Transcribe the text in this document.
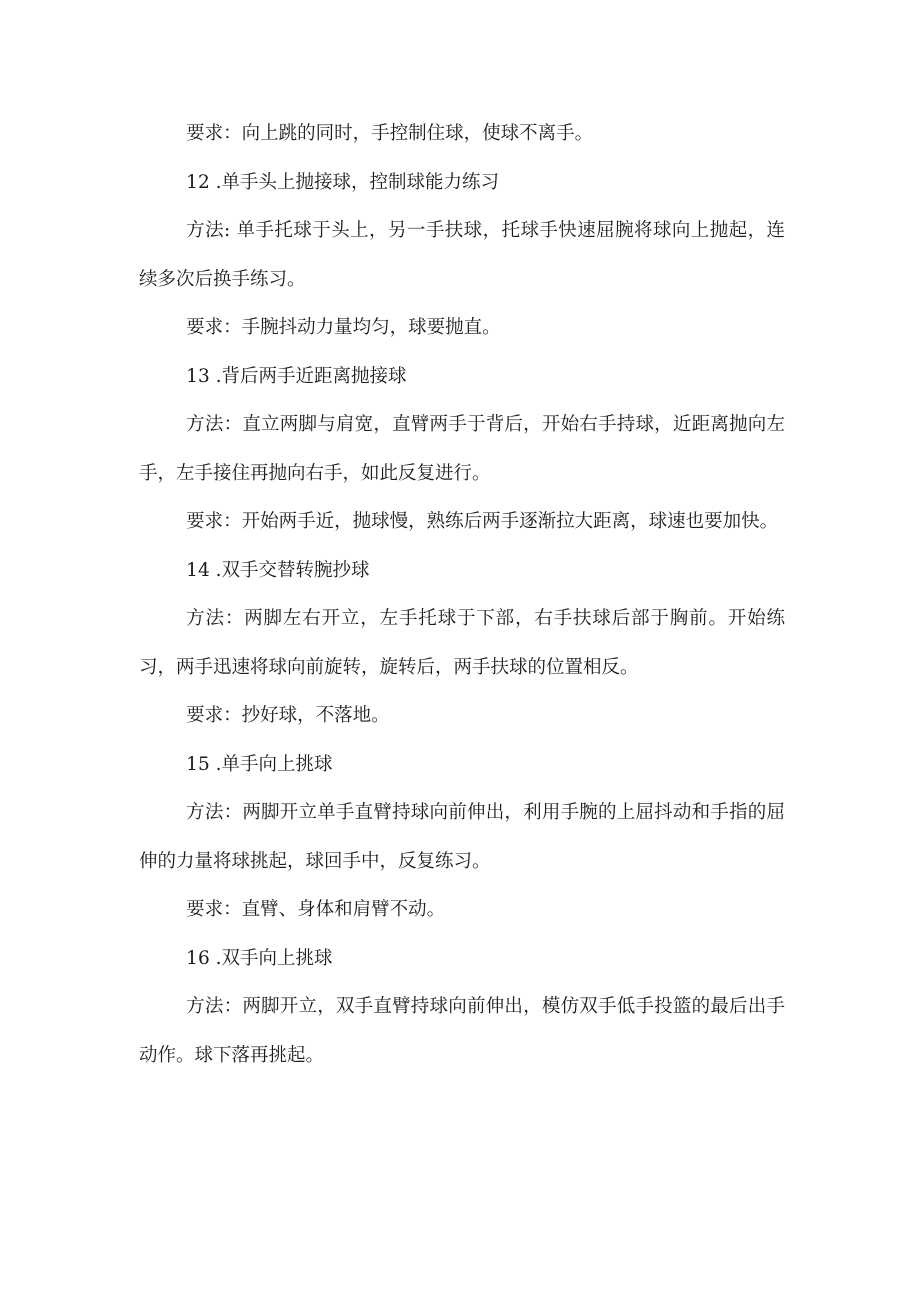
要求：向上跳的同时，手控制住球，使球不离手。

12 .单手头上抛接球，控制球能力练习

方法: 单手托球于头上，另一手扶球，托球手快速屈腕将球向上抛起，连续多次后换手练习。

要求：手腕抖动力量均匀，球要抛直。

13 .背后两手近距离抛接球

方法：直立两脚与肩宽，直臂两手于背后，开始右手持球，近距离抛向左手，左手接住再抛向右手，如此反复进行。

要求：开始两手近，抛球慢，熟练后两手逐渐拉大距离，球速也要加快。

14 .双手交替转腕抄球

方法：两脚左右开立，左手托球于下部，右手扶球后部于胸前。开始练习，两手迅速将球向前旋转，旋转后，两手扶球的位置相反。

要求：抄好球，不落地。

15 .单手向上挑球

方法：两脚开立单手直臂持球向前伸出，利用手腕的上屈抖动和手指的屈伸的力量将球挑起，球回手中，反复练习。

要求：直臂、身体和肩臂不动。

16 .双手向上挑球

方法：两脚开立，双手直臂持球向前伸出，模仿双手低手投篮的最后出手动作。球下落再挑起。
